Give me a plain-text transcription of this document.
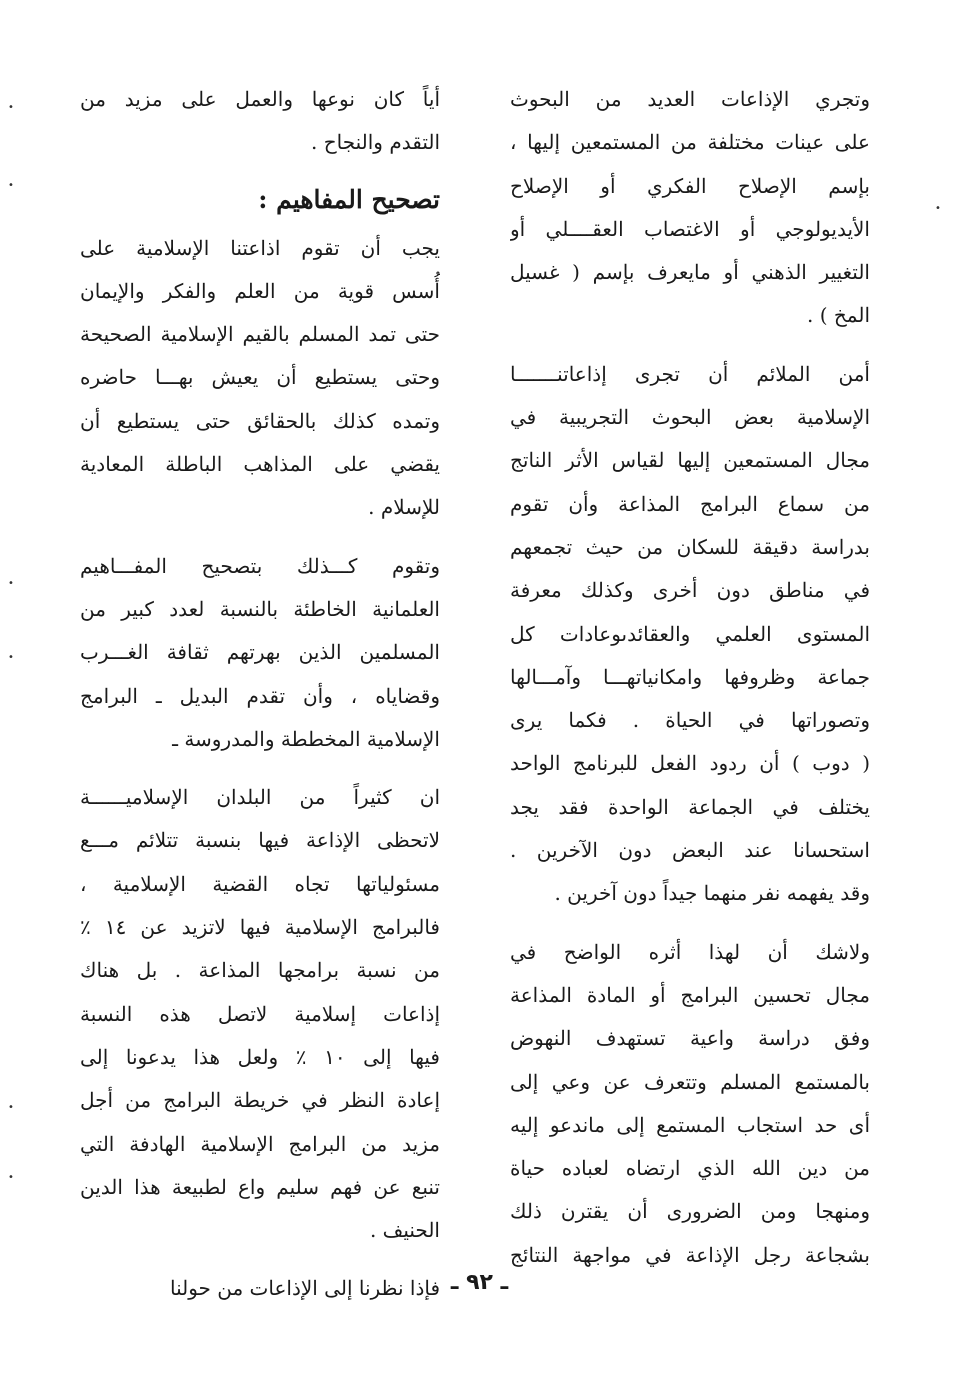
وتجري الإذاعات العديد من البحوث
على عينات مختلفة من المستمعين إليها ،
بإسم الإصلاح الفكري أو الإصلاح
الأيديولوجي أو الاغتصاب العقــــلي أو
التغيير الذهني أو مايعرف بإسم ( غسيل
المخ ) .
أمن الملائم أن تجرى إذاعاتنـــــــا
الإسلامية بعض البحوث التجريبية في
مجال المستمعين إليها لقياس الأثر الناتج
من سماع البرامج المذاعة وأن تقوم
بدراسة دقيقة للسكان من حيث تجمعهم
في مناطق دون أخرى وكذلك معرفة
المستوى العلمي والعقائدىوعادات كل
جماعة وظروفها وامكانياتهـــا وآمـــالها
وتصوراتها في الحياة . فكما يرى
( دوب ) أن ردود الفعل للبرنامج الواحد
يختلف في الجماعة الواحدة فقد يجد
استحسانا عند البعض دون الآخرين .
وقد يفهمه نفر منهما جيداً دون آخرين .
ولاشك أن لهذا أثره الواضح في
مجال تحسين البرامج أو المادة المذاعة
وفق دراسة واعية تستهدف النهوض
بالمستمع المسلم وتتعرف عن وعي إلى
أى حد استجاب المستمع إلى ماندعو إليه
من دين الله الذي ارتضاه لعباده حياة
ومنهجا ومن الضرورى أن يقترن ذلك
بشجاعة رجل الإذاعة في مواجهة النتائج
أياً كان نوعها والعمل على مزيد من
التقدم والنجاح .
تصحيح المفاهيم :
يجب أن تقوم اذاعتنا الإسلامية على
أُسس قوية من العلم والفكر والإيمان
حتى تمد المسلم بالقيم الإسلامية الصحيحة
وحتى يستطيع أن يعيش بهـــا حاضره
وتمده كذلك بالحقائق حتى يستطيع أن
يقضي على المذاهب الباطلة المعادية
للإسلام .
وتقوم كـــذلك بتصحيح المفـــاهيم
العلمانية الخاطئة بالنسبة لعدد كبير من
المسلمين الذين بهرتهم ثقافة الغـــرب
وقضاياه ، وأن تقدم البديل ـ البرامج
الإسلامية المخططة والمدروسة ـ
ان كثيراً من البلدان الإسلاميــــــة
لاتحظى الإذاعة فيها بنسبة تتلائم مـــع
مسئولياتها تجاه القضية الإسلامية ،
فالبرامج الإسلامية فيها لاتزيد عن ١٤ ٪
من نسبة برامجها المذاعة . بل هناك
إذاعات إسلامية لاتصل هذه النسبة
فيها إلى ١٠ ٪ ولعل هذا يدعونا إلى
إعادة النظر في خريطة البرامج من أجل
مزيد من البرامج الإسلامية الهادفة التي
تنبع عن فهم سليم واع لطبيعة هذا الدين
الحنيف .
فإذا نظرنا إلى الإذاعات من حولنا ـ ٩٢ ـ
•
•
•
•
•
•
•
